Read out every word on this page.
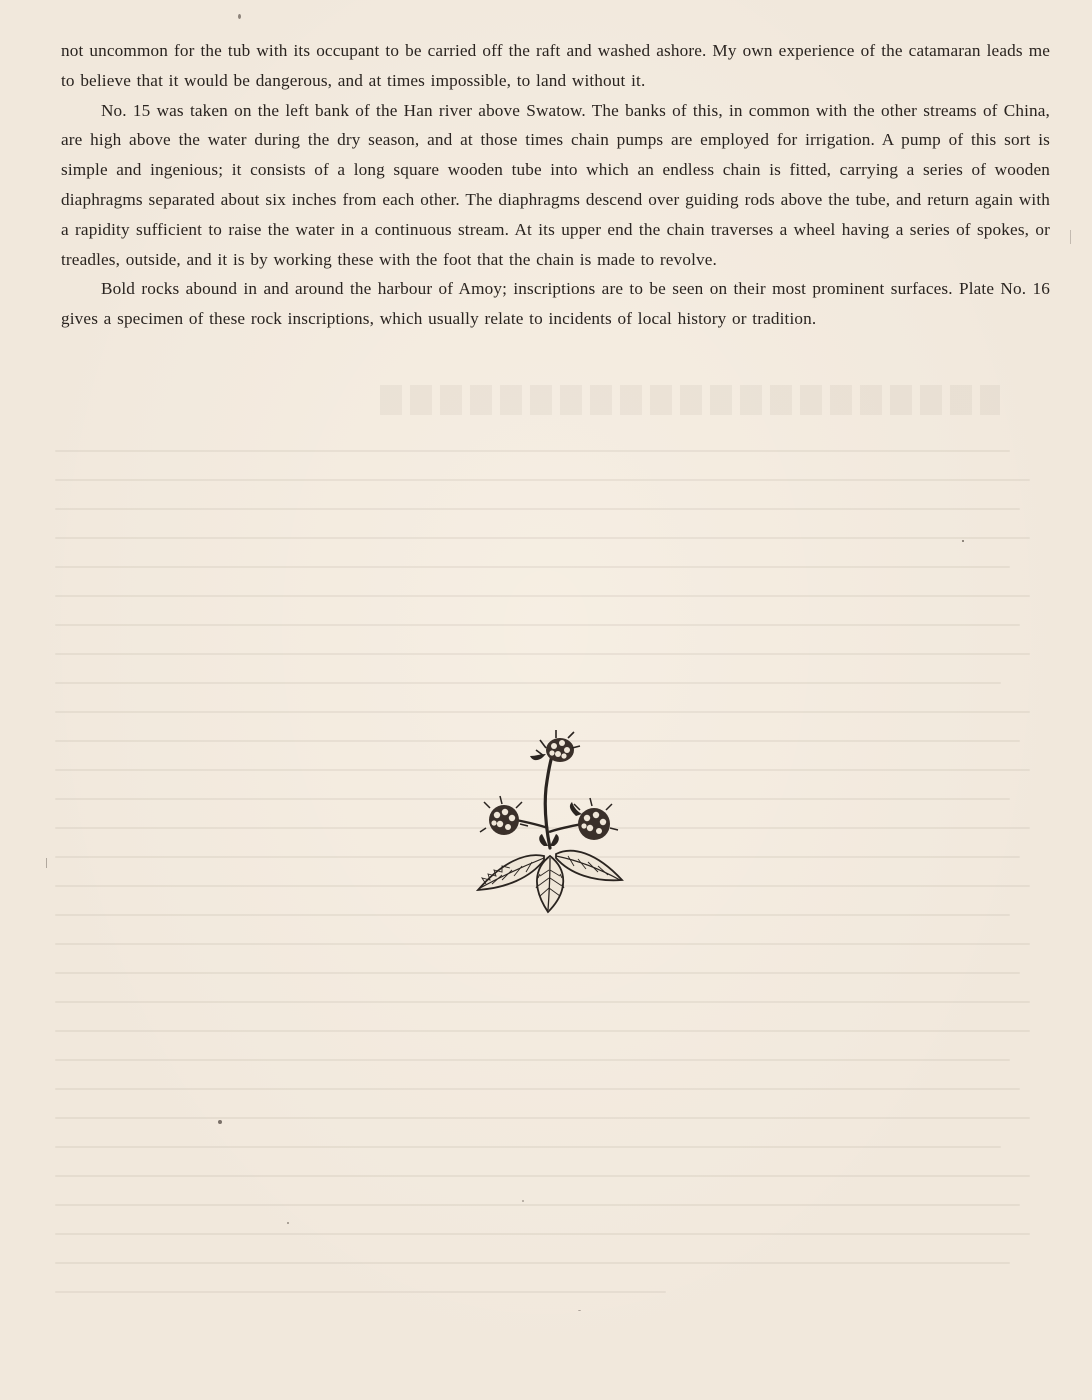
not uncommon for the tub with its occupant to be carried off the raft and washed ashore. My own experience of the catamaran leads me to believe that it would be dangerous, and at times impossible, to land without it.

No. 15 was taken on the left bank of the Han river above Swatow. The banks of this, in common with the other streams of China, are high above the water during the dry season, and at those times chain pumps are employed for irrigation. A pump of this sort is simple and ingenious; it consists of a long square wooden tube into which an endless chain is fitted, carrying a series of wooden diaphragms separated about six inches from each other. The diaphragms descend over guiding rods above the tube, and return again with a rapidity sufficient to raise the water in a continuous stream. At its upper end the chain traverses a wheel having a series of spokes, or treadles, outside, and it is by working these with the foot that the chain is made to revolve.

Bold rocks abound in and around the harbour of Amoy; inscriptions are to be seen on their most prominent surfaces. Plate No. 16 gives a specimen of these rock inscriptions, which usually relate to incidents of local history or tradition.
